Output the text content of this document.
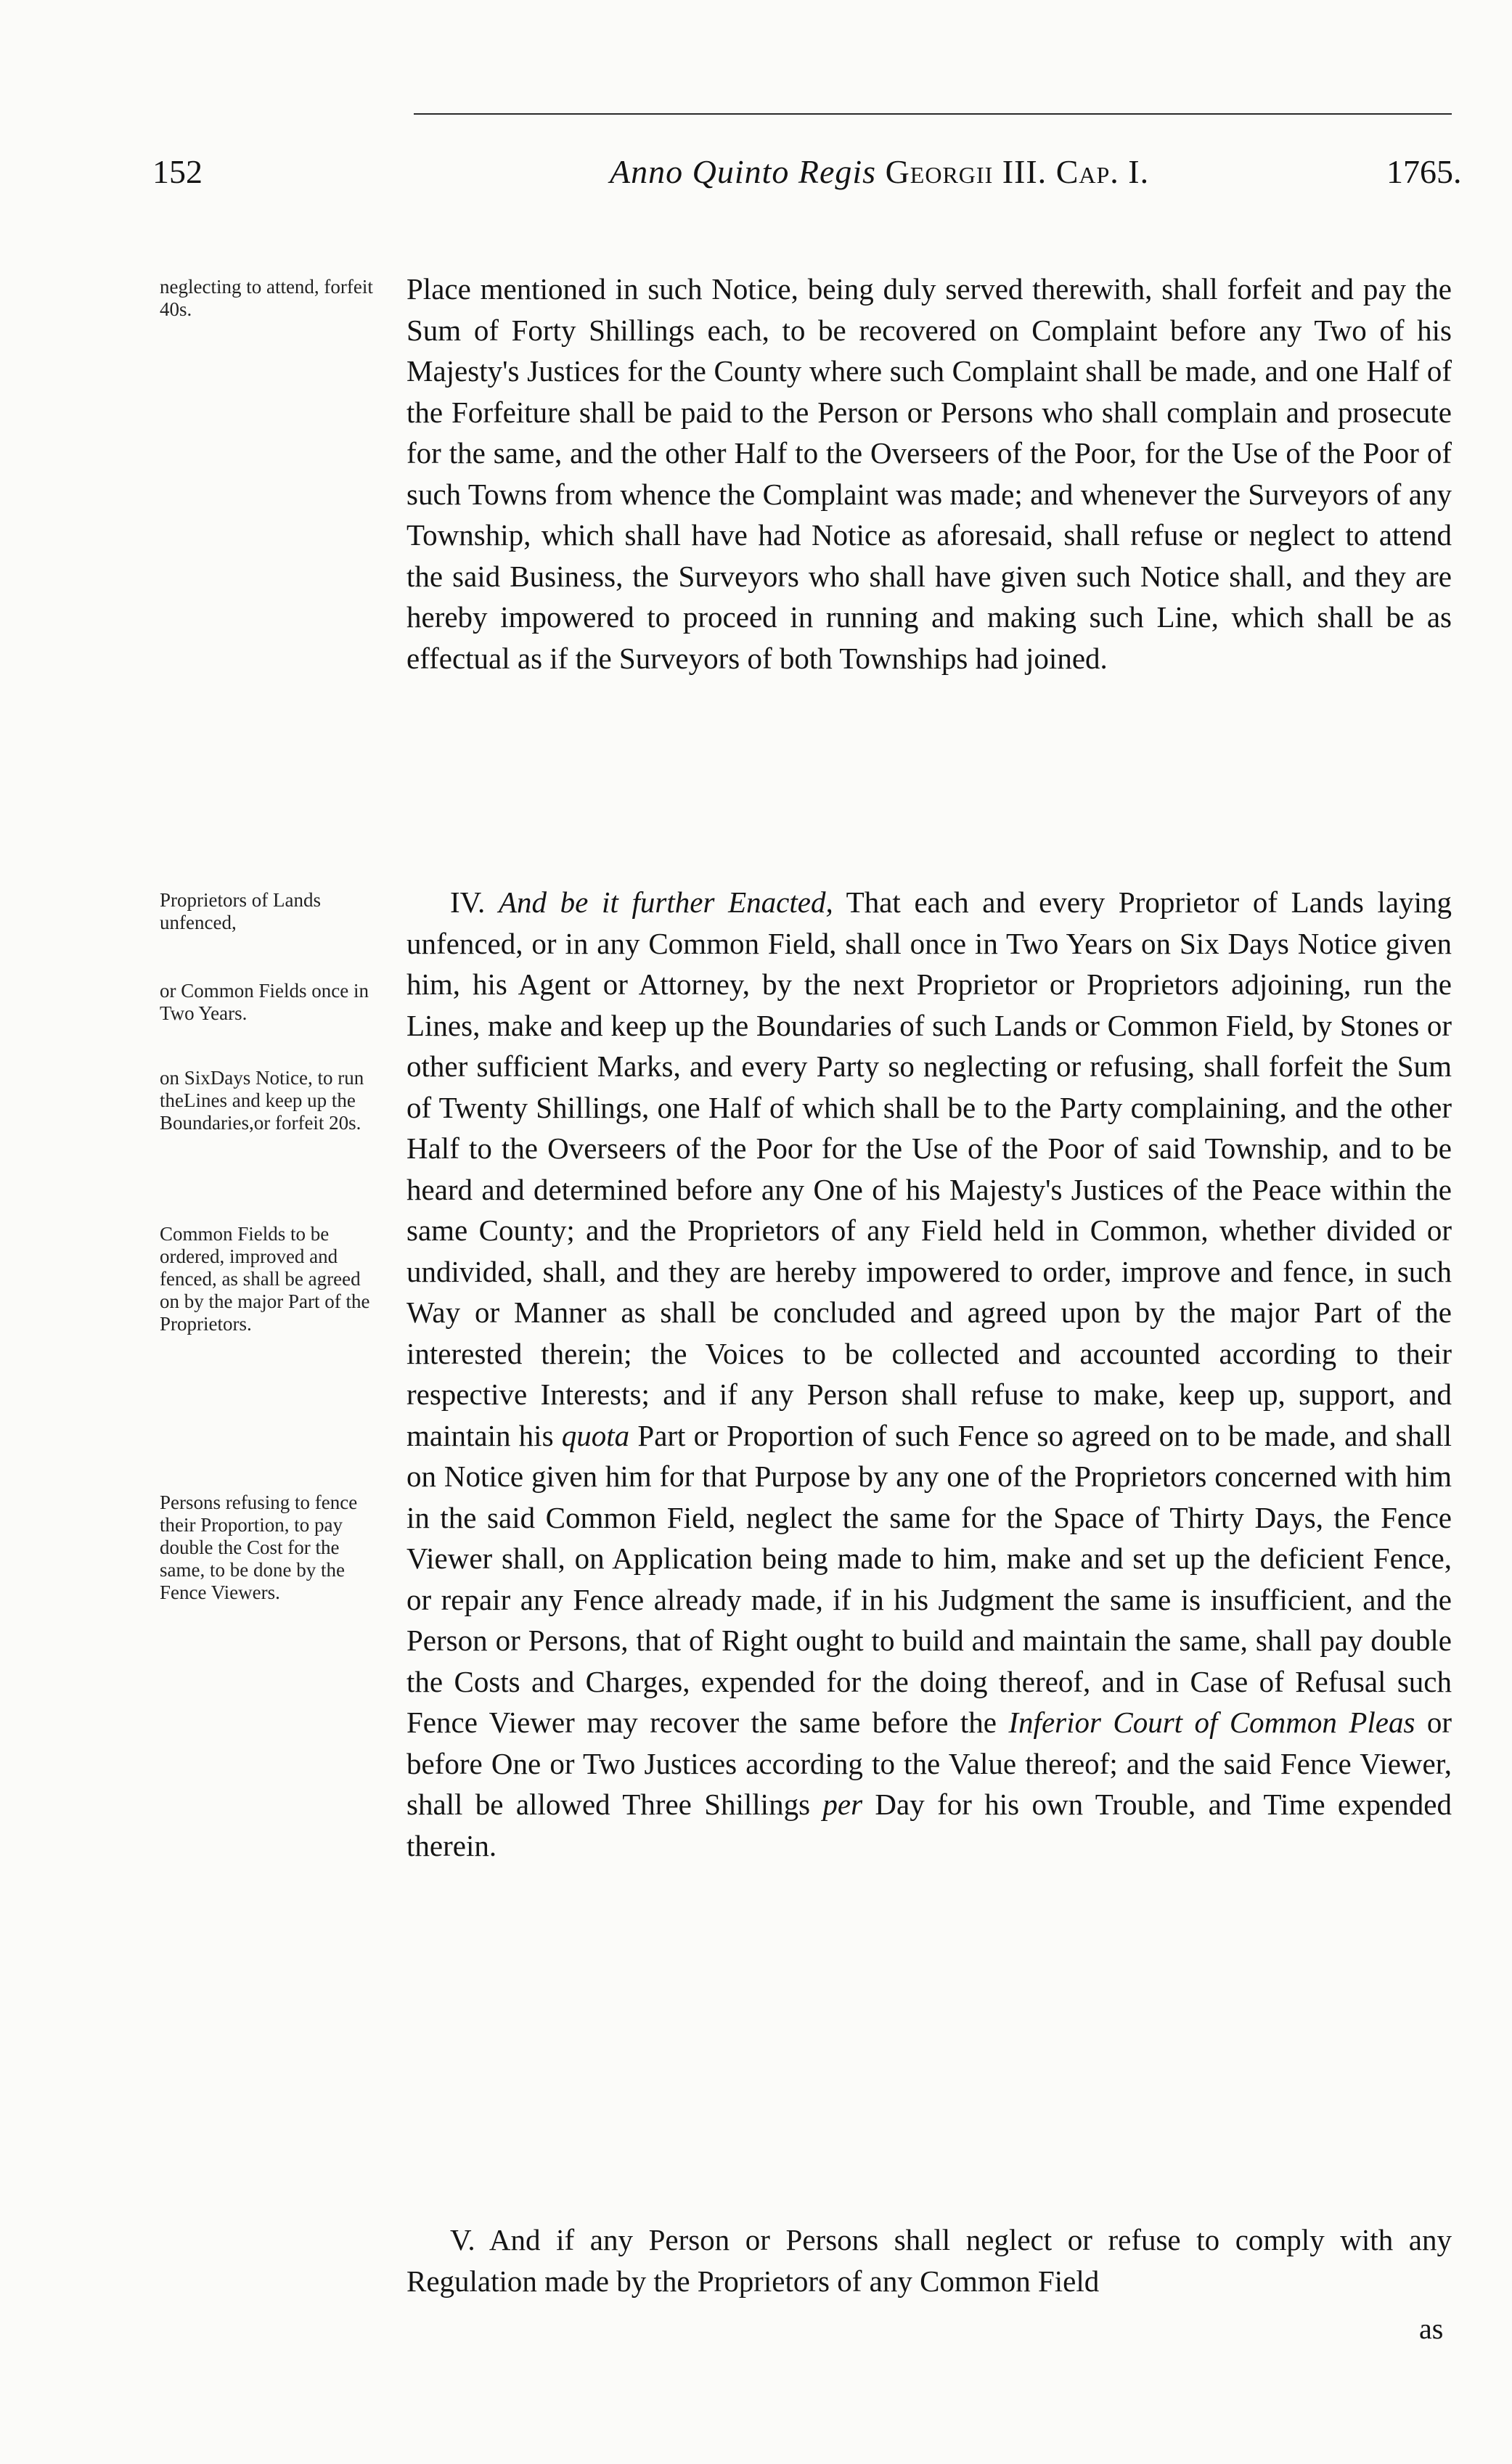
152	Anno Quinto Regis Georgii III. Cap. I.	1765.
neglecting to attend, forfeit 40s.
Proprietors of Lands unfenced,
or Common Fields once in Two Years.
on SixDays Notice, to run theLines and keep up the Boundaries,or forfeit 20s.
Common Fields to be ordered, improved and fenced, as shall be agreed on by the major Part of the Proprietors.
Persons refusing to fence their Proportion, to pay double the Cost for the same, to be done by the Fence Viewers.

Place mentioned in such Notice, being duly served therewith, shall forfeit and pay the Sum of Forty Shillings each, to be recovered on Complaint before any Two of his Majesty's Justices for the County where such Complaint shall be made, and one Half of the Forfeiture shall be paid to the Person or Persons who shall complain and prosecute for the same, and the other Half to the Overseers of the Poor, for the Use of the Poor of such Towns from whence the Complaint was made; and whenever the Surveyors of any Township, which shall have had Notice as aforesaid, shall refuse or neglect to attend the said Business, the Surveyors who shall have given such Notice shall, and they are hereby impowered to proceed in running and making such Line, which shall be as effectual as if the Surveyors of both Townships had joined.

IV. And be it further Enacted, That each and every Proprietor of Lands laying unfenced, or in any Common Field, shall once in Two Years on Six Days Notice given him, his Agent or Attorney, by the next Proprietor or Proprietors adjoining, run the Lines, make and keep up the Boundaries of such Lands or Common Field, by Stones or other sufficient Marks, and every Party so neglecting or refusing, shall forfeit the Sum of Twenty Shillings, one Half of which shall be to the Party complaining, and the other Half to the Overseers of the Poor for the Use of the Poor of said Township, and to be heard and determined before any One of his Majesty's Justices of the Peace within the same County; and the Proprietors of any Field held in Common, whether divided or undivided, shall, and they are hereby impowered to order, improve and fence, in such Way or Manner as shall be concluded and agreed upon by the major Part of the interested therein; the Voices to be collected and accounted according to their respective Interests; and if any Person shall refuse to make, keep up, support, and maintain his quota Part or Proportion of such Fence so agreed on to be made, and shall on Notice given him for that Purpose by any one of the Proprietors concerned with him in the said Common Field, neglect the same for the Space of Thirty Days, the Fence Viewer shall, on Application being made to him, make and set up the deficient Fence, or repair any Fence already made, if in his Judgment the same is insufficient, and the Person or Persons, that of Right ought to build and maintain the same, shall pay double the Costs and Charges, expended for the doing thereof, and in Case of Refusal such Fence Viewer may recover the same before the Inferior Court of Common Pleas or before One or Two Justices according to the Value thereof; and the said Fence Viewer, shall be allowed Three Shillings per Day for his own Trouble, and Time expended therein.

V. And if any Person or Persons shall neglect or refuse to comply with any Regulation made by the Proprietors of any Common Field

as
